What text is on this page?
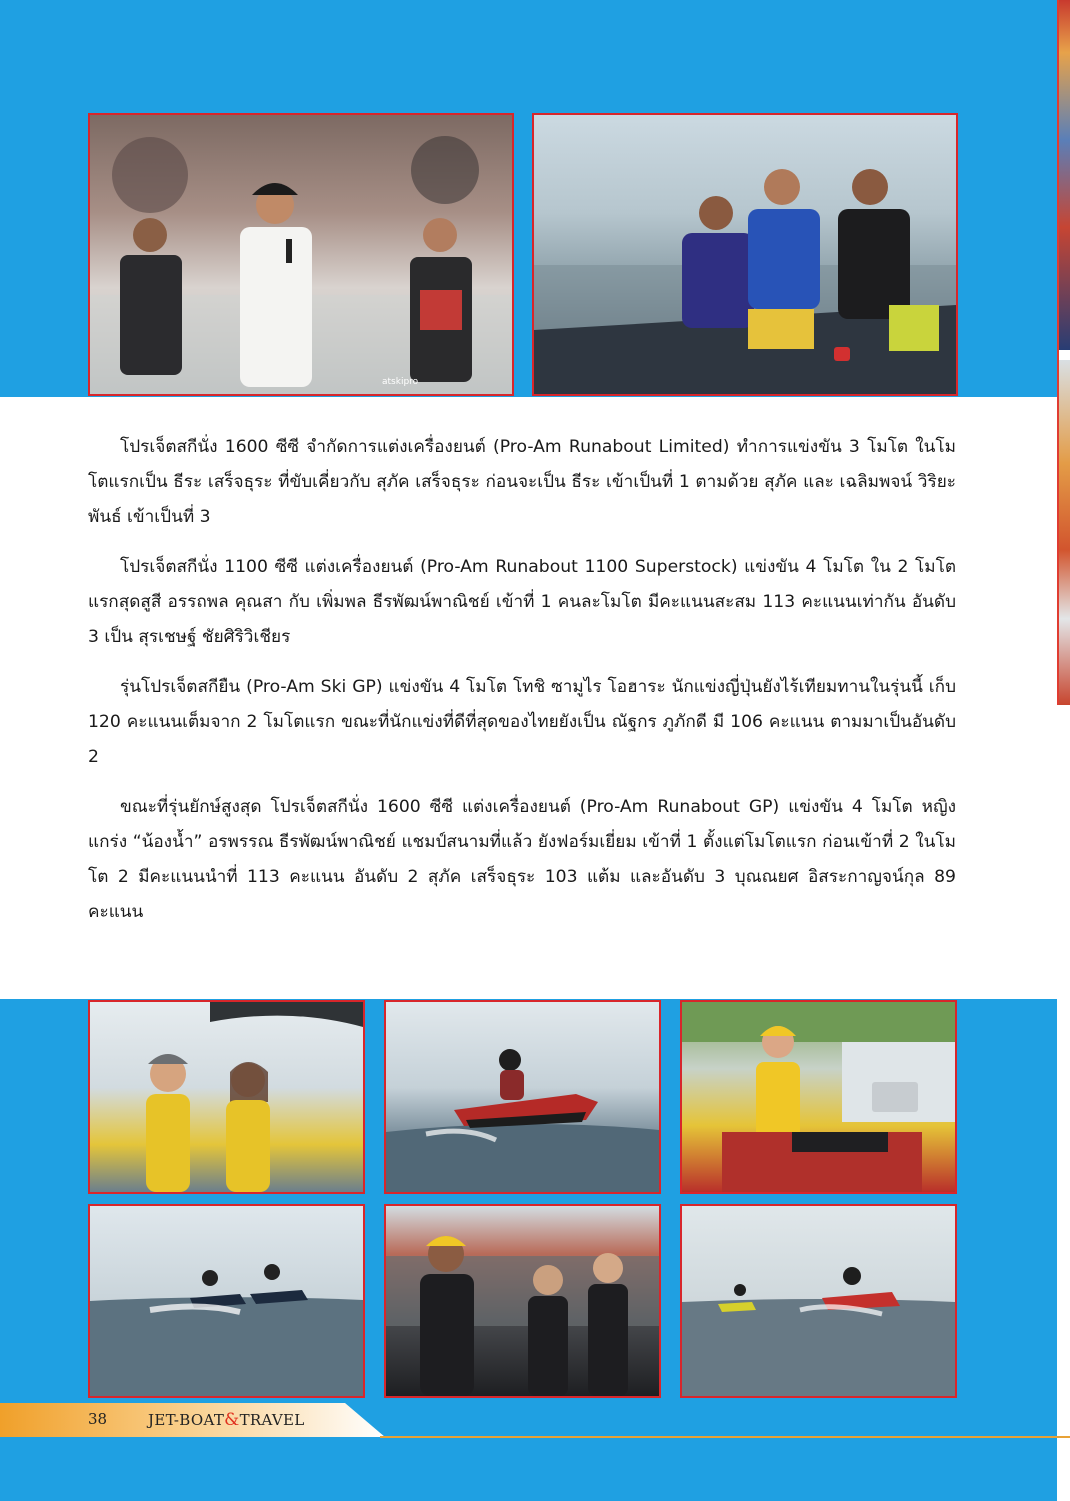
atskipro

โปรเจ็ตสกีนั่ง 1600 ซีซี จำกัดการแต่งเครื่องยนต์ (Pro-Am Runabout Limited) ทำการแข่งขัน 3 โมโต ในโมโตแรกเป็น ธีระ เสร็จธุระ ที่ขับเคี่ยวกับ สุภัค เสร็จธุระ ก่อนจะเป็น ธีระ เข้าเป็นที่ 1 ตามด้วย สุภัค และ เฉลิมพจน์ วิริยะพันธ์ เข้าเป็นที่ 3

โปรเจ็ตสกีนั่ง 1100 ซีซี แต่งเครื่องยนต์ (Pro-Am Runabout 1100 Superstock) แข่งขัน 4 โมโต ใน 2 โมโตแรกสุดสูสี อรรถพล คุณสา กับ เพิ่มพล ธีรพัฒน์พาณิชย์ เข้าที่ 1 คนละโมโต มีคะแนนสะสม 113 คะแนนเท่ากัน อันดับ 3 เป็น สุรเชษฐ์ ชัยศิริวิเชียร

รุ่นโปรเจ็ตสกียืน (Pro-Am Ski GP) แข่งขัน 4 โมโต โทชิ ซามูไร โอฮาระ นักแข่งญี่ปุ่นยังไร้เทียมทานในรุ่นนี้ เก็บ 120 คะแนนเต็มจาก 2 โมโตแรก ขณะที่นักแข่งที่ดีที่สุดของไทยยังเป็น ณัฐกร ภูภักดี มี 106 คะแนน ตามมาเป็นอันดับ 2

ขณะที่รุ่นยักษ์สูงสุด โปรเจ็ตสกีนั่ง 1600 ซีซี แต่งเครื่องยนต์ (Pro-Am Runabout GP) แข่งขัน 4 โมโต หญิงแกร่ง “น้องน้ำ” อรพรรณ ธีรพัฒน์พาณิชย์ แชมป์สนามที่แล้ว ยังฟอร์มเยี่ยม เข้าที่ 1 ตั้งแต่โมโตแรก ก่อนเข้าที่ 2 ในโมโต 2 มีคะแนนนำที่ 113 คะแนน อันดับ 2 สุภัค เสร็จธุระ 103 แต้ม และอันดับ 3 บุณณยศ อิสระกาญจน์กุล 89 คะแนน

38	JET-BOAT&TRAVEL
